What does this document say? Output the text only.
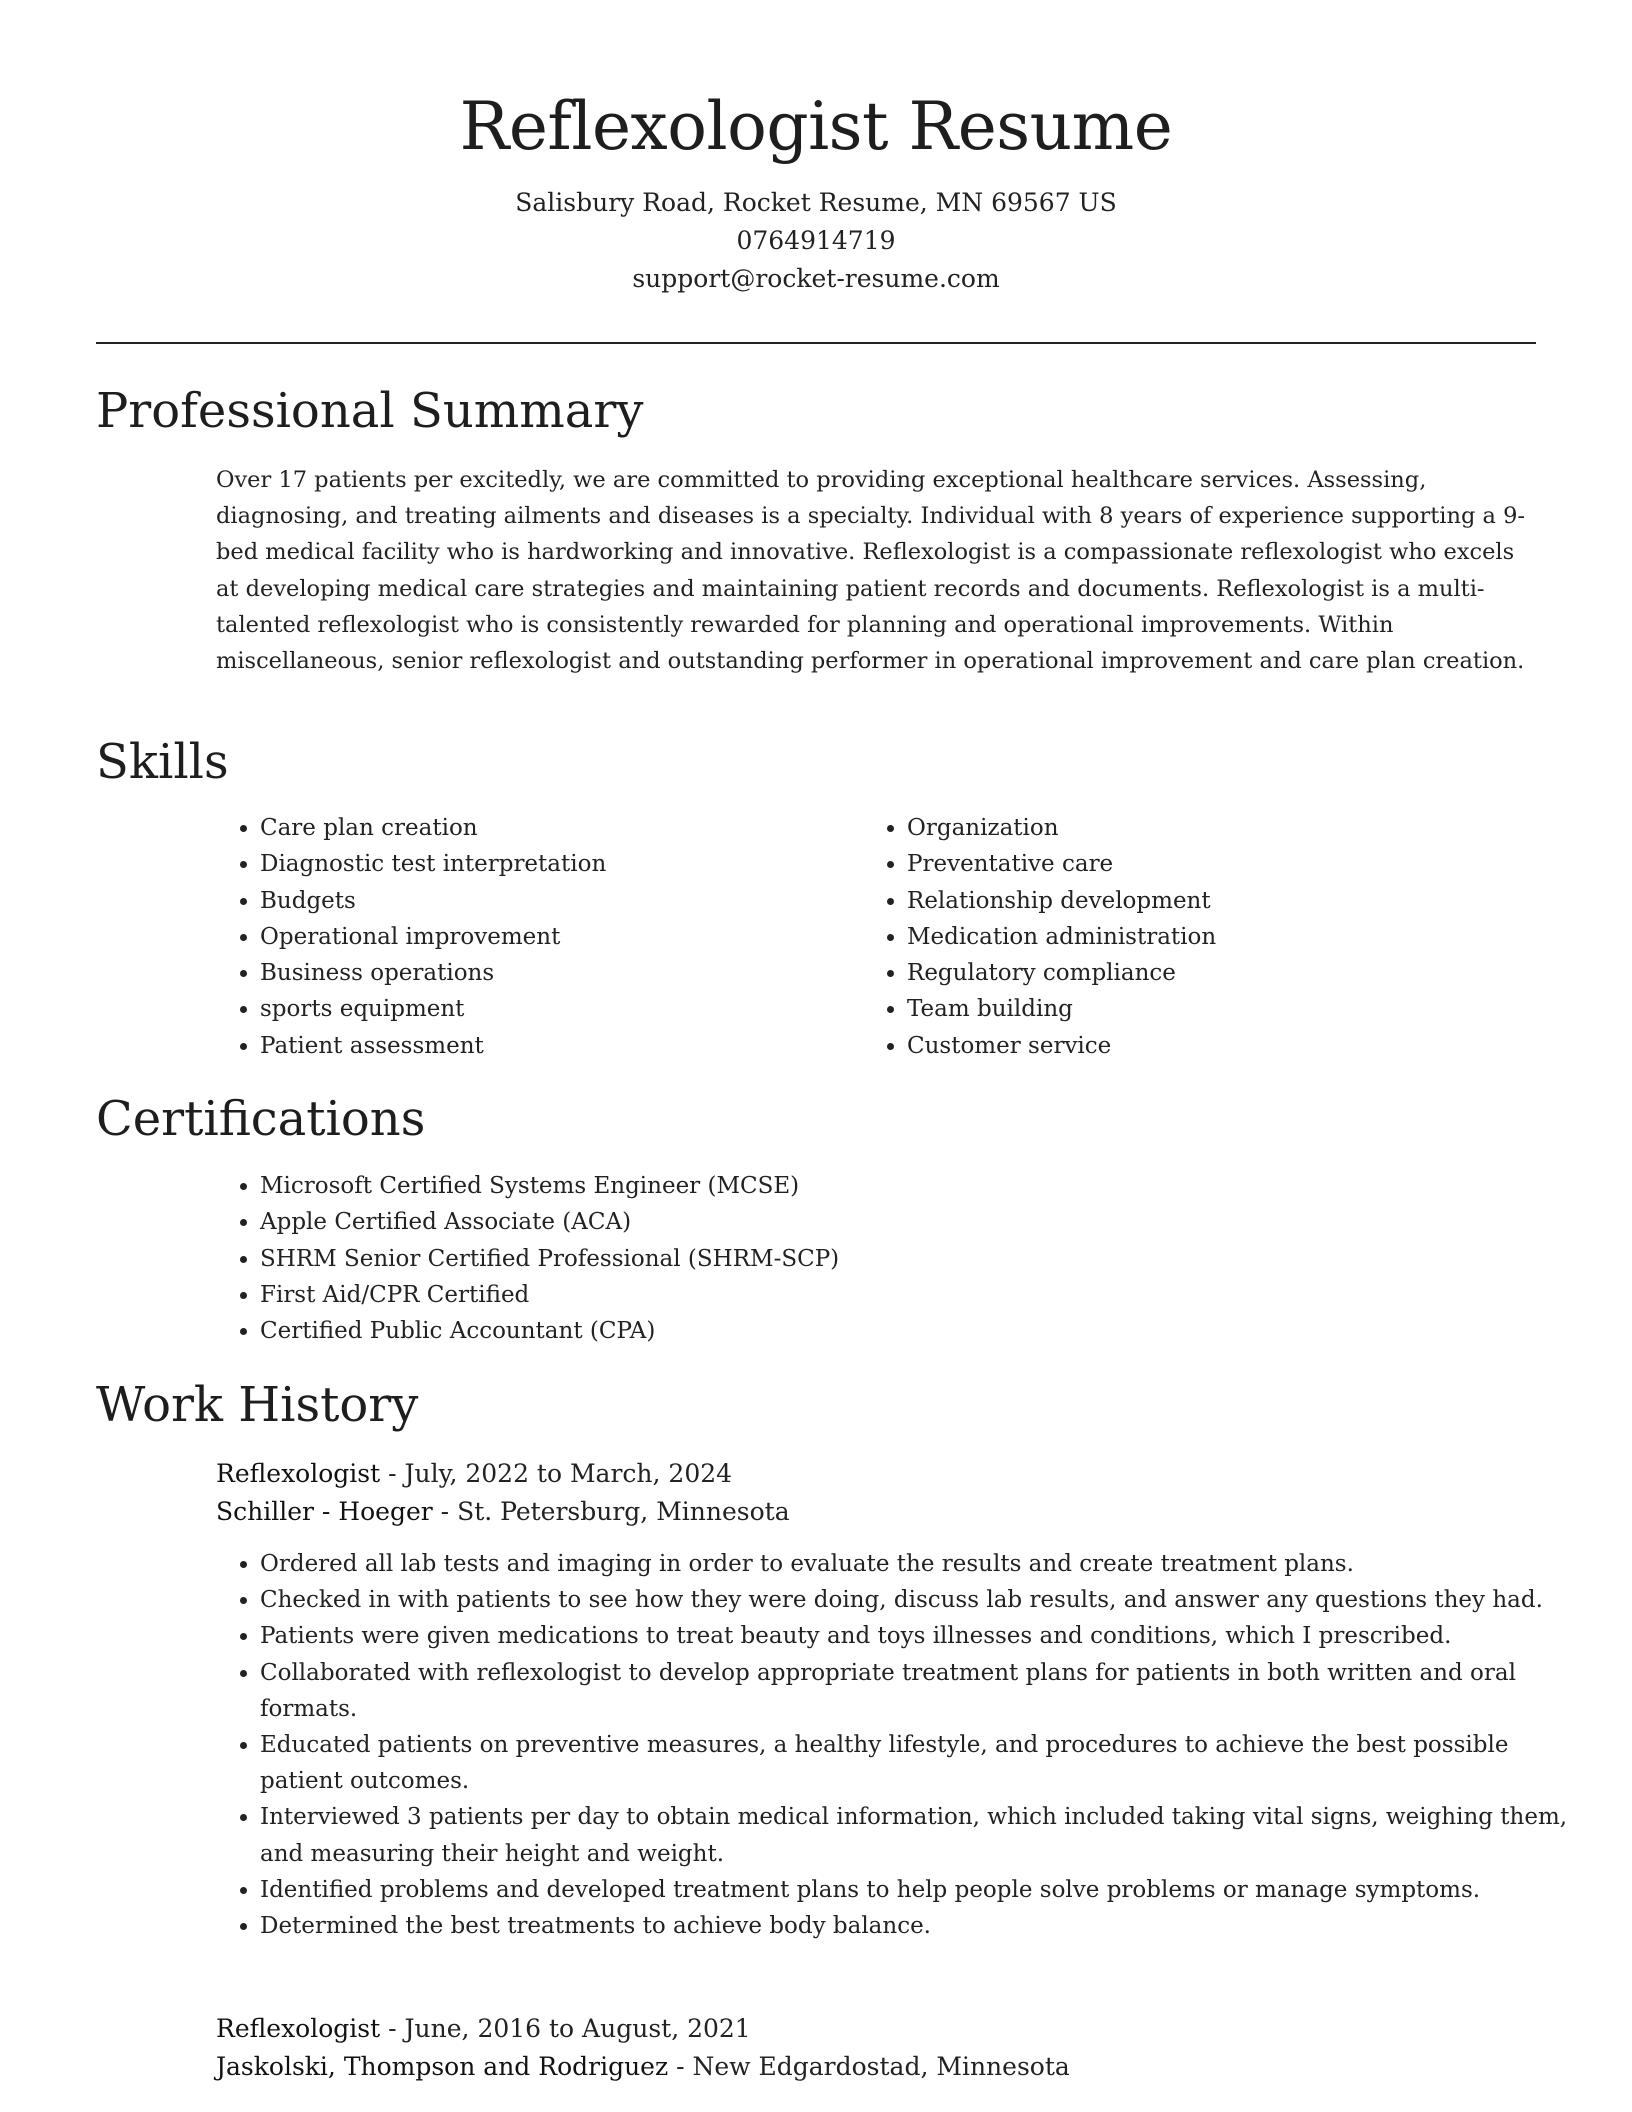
Reflexologist Resume
Salisbury Road, Rocket Resume, MN 69567 US
0764914719
support@rocket-resume.com
Professional Summary

Over 17 patients per excitedly, we are committed to providing exceptional healthcare services. Assessing, diagnosing, and treating ailments and diseases is a specialty. Individual with 8 years of experience supporting a 9-bed medical facility who is hardworking and innovative. Reflexologist is a compassionate reflexologist who excels at developing medical care strategies and maintaining patient records and documents. Reflexologist is a multi-talented reflexologist who is consistently rewarded for planning and operational improvements. Within miscellaneous, senior reflexologist and outstanding performer in operational improvement and care plan creation.

Skills
• Care plan creation
• Diagnostic test interpretation
• Budgets
• Operational improvement
• Business operations
• sports equipment
• Patient assessment
• Organization
• Preventative care
• Relationship development
• Medication administration
• Regulatory compliance
• Team building
• Customer service
Certifications
• Microsoft Certified Systems Engineer (MCSE)
• Apple Certified Associate (ACA)
• SHRM Senior Certified Professional (SHRM-SCP)
• First Aid/CPR Certified
• Certified Public Accountant (CPA)
Work History
Reflexologist - July, 2022 to March, 2024
Schiller - Hoeger - St. Petersburg, Minnesota
• Ordered all lab tests and imaging in order to evaluate the results and create treatment plans.
• Checked in with patients to see how they were doing, discuss lab results, and answer any questions they had.
• Patients were given medications to treat beauty and toys illnesses and conditions, which I prescribed.
• Collaborated with reflexologist to develop appropriate treatment plans for patients in both written and oral formats.
• Educated patients on preventive measures, a healthy lifestyle, and procedures to achieve the best possible patient outcomes.
• Interviewed 3 patients per day to obtain medical information, which included taking vital signs, weighing them, and measuring their height and weight.
• Identified problems and developed treatment plans to help people solve problems or manage symptoms.
• Determined the best treatments to achieve body balance.
Reflexologist - June, 2016 to August, 2021
Jaskolski, Thompson and Rodriguez - New Edgardostad, Minnesota
